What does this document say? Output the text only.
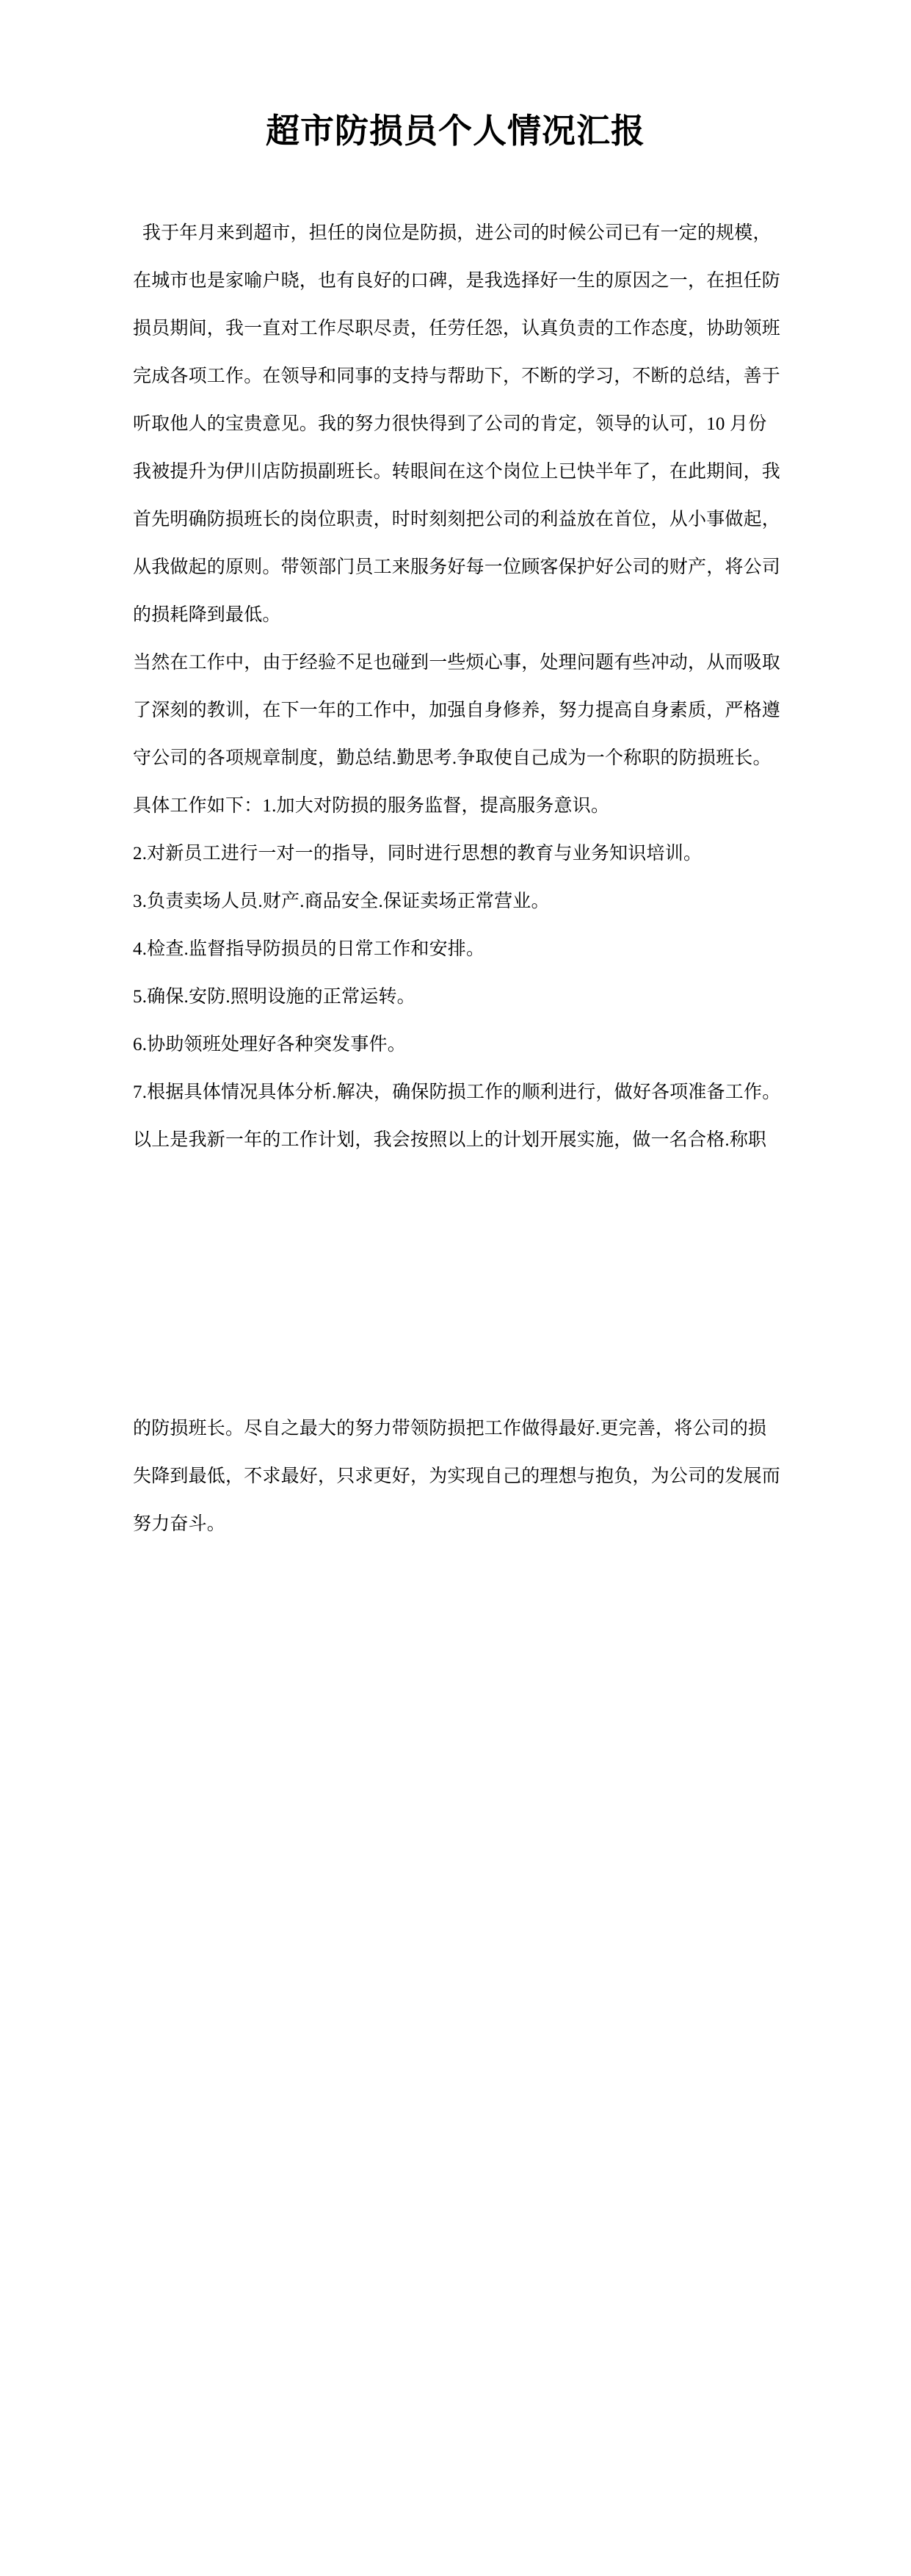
超市防损员个人情况汇报
我于年月来到超市，担任的岗位是防损，进公司的时候公司已有一定的规模，
在城市也是家喻户晓，也有良好的口碑，是我选择好一生的原因之一，在担任防
损员期间，我一直对工作尽职尽责，任劳任怨，认真负责的工作态度，协助领班
完成各项工作。在领导和同事的支持与帮助下，不断的学习，不断的总结，善于
听取他人的宝贵意见。我的努力很快得到了公司的肯定，领导的认可，10 月份
我被提升为伊川店防损副班长。转眼间在这个岗位上已快半年了，在此期间，我
首先明确防损班长的岗位职责，时时刻刻把公司的利益放在首位，从小事做起，
从我做起的原则。带领部门员工来服务好每一位顾客保护好公司的财产，将公司
的损耗降到最低。
当然在工作中，由于经验不足也碰到一些烦心事，处理问题有些冲动，从而吸取
了深刻的教训，在下一年的工作中，加强自身修养，努力提高自身素质，严格遵
守公司的各项规章制度，勤总结.勤思考.争取使自己成为一个称职的防损班长。
具体工作如下：1.加大对防损的服务监督，提高服务意识。
2.对新员工进行一对一的指导，同时进行思想的教育与业务知识培训。
3.负责卖场人员.财产.商品安全.保证卖场正常营业。
4.检查.监督指导防损员的日常工作和安排。
5.确保.安防.照明设施的正常运转。
6.协助领班处理好各种突发事件。
7.根据具体情况具体分析.解决，确保防损工作的顺利进行，做好各项准备工作。
以上是我新一年的工作计划，我会按照以上的计划开展实施，做一名合格.称职
的防损班长。尽自之最大的努力带领防损把工作做得最好.更完善，将公司的损
失降到最低，不求最好，只求更好，为实现自己的理想与抱负，为公司的发展而
努力奋斗。
